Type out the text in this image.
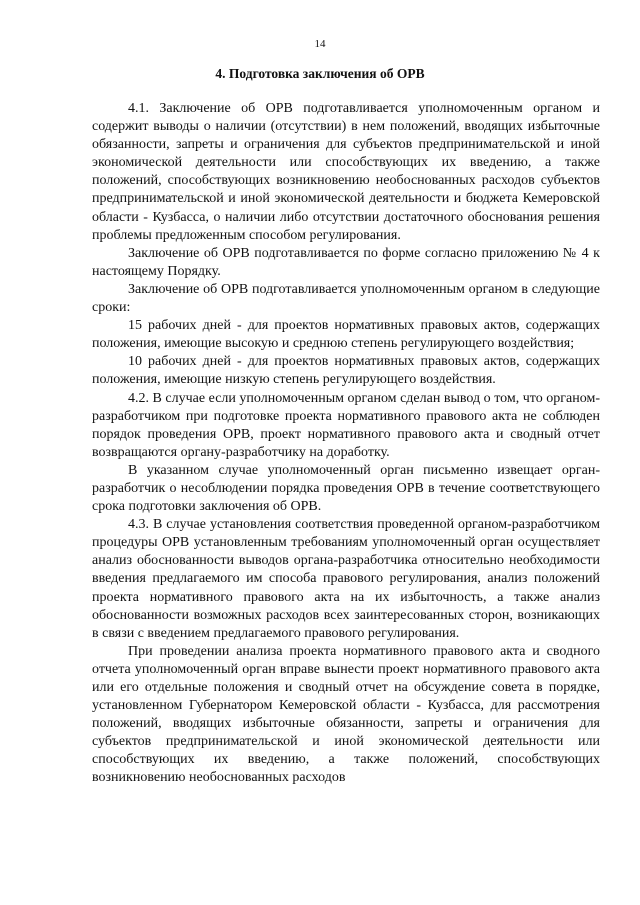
14
4. Подготовка заключения об ОРВ

4.1. Заключение об ОРВ подготавливается уполномоченным органом и содержит выводы о наличии (отсутствии) в нем положений, вводящих избыточные обязанности, запреты и ограничения для субъектов предпринимательской и иной экономической деятельности или способствующих их введению, а также положений, способствующих возникновению необоснованных расходов субъектов предпринимательской и иной экономической деятельности и бюджета Кемеровской области - Кузбасса, о наличии либо отсутствии достаточного обоснования решения проблемы предложенным способом регулирования.

Заключение об ОРВ подготавливается по форме согласно приложению № 4 к настоящему Порядку.

Заключение об ОРВ подготавливается уполномоченным органом в следующие сроки:

15 рабочих дней - для проектов нормативных правовых актов, содержащих положения, имеющие высокую и среднюю степень регулирующего воздействия;

10 рабочих дней - для проектов нормативных правовых актов, содержащих положения, имеющие низкую степень регулирующего воздействия.

4.2. В случае если уполномоченным органом сделан вывод о том, что органом-разработчиком при подготовке проекта нормативного правового акта не соблюден порядок проведения ОРВ, проект нормативного правового акта и сводный отчет возвращаются органу-разработчику на доработку.

В указанном случае уполномоченный орган письменно извещает орган-разработчик о несоблюдении порядка проведения ОРВ в течение соответствующего срока подготовки заключения об ОРВ.

4.3. В случае установления соответствия проведенной органом-разработчиком процедуры ОРВ установленным требованиям уполномоченный орган осуществляет анализ обоснованности выводов органа-разработчика относительно необходимости введения предлагаемого им способа правового регулирования, анализ положений проекта нормативного правового акта на их избыточность, а также анализ обоснованности возможных расходов всех заинтересованных сторон, возникающих в связи с введением предлагаемого правового регулирования.

При проведении анализа проекта нормативного правового акта и сводного отчета уполномоченный орган вправе вынести проект нормативного правового акта или его отдельные положения и сводный отчет на обсуждение совета в порядке, установленном Губернатором Кемеровской области - Кузбасса, для рассмотрения положений, вводящих избыточные обязанности, запреты и ограничения для субъектов предпринимательской и иной экономической деятельности или способствующих их введению, а также положений, способствующих возникновению необоснованных расходов
